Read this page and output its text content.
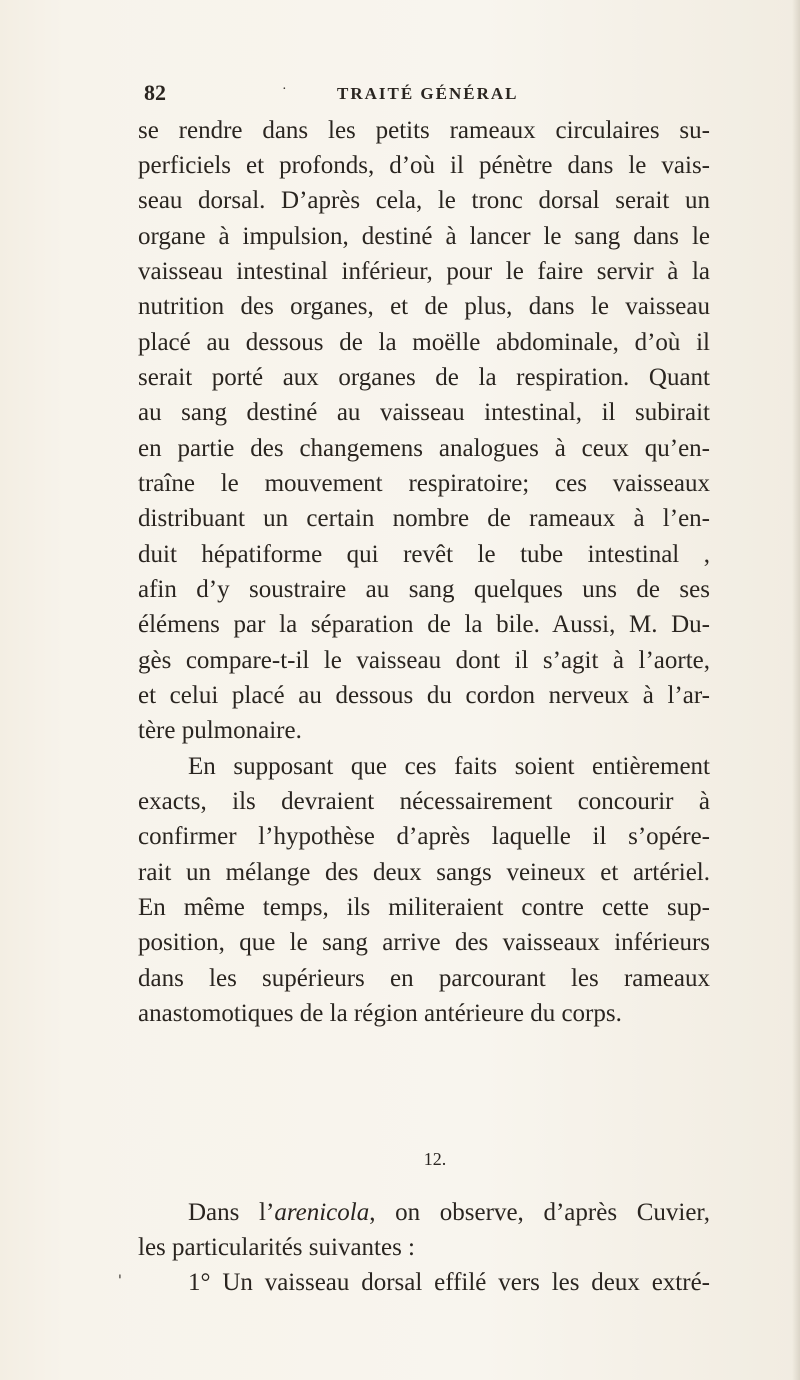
82	·	TRAITÉ GÉNÉRAL
se rendre dans les petits rameaux circulaires su-
perficiels et profonds, d’où il pénètre dans le vais-
seau dorsal. D’après cela, le tronc dorsal serait un
organe à impulsion, destiné à lancer le sang dans le
vaisseau intestinal inférieur, pour le faire servir à la
nutrition des organes, et de plus, dans le vaisseau
placé au dessous de la moëlle abdominale, d’où il
serait porté aux organes de la respiration. Quant
au sang destiné au vaisseau intestinal, il subirait
en partie des changemens analogues à ceux qu’en-
traîne le mouvement respiratoire; ces vaisseaux
distribuant un certain nombre de rameaux à l’en-
duit hépatiforme qui revêt le tube intestinal ,
afin d’y soustraire au sang quelques uns de ses
élémens par la séparation de la bile. Aussi, M. Du-
gès compare-t-il le vaisseau dont il s’agit à l’aorte,
et celui placé au dessous du cordon nerveux à l’ar-
tère pulmonaire.
En supposant que ces faits soient entièrement
exacts, ils devraient nécessairement concourir à
confirmer l’hypothèse d’après laquelle il s’opére-
rait un mélange des deux sangs veineux et artériel.
En même temps, ils militeraient contre cette sup-
position, que le sang arrive des vaisseaux inférieurs
dans les supérieurs en parcourant les rameaux
anastomotiques de la région antérieure du corps.
12.
Dans l’arenicola, on observe, d’après Cuvier,
'
les particularités suivantes :
1° Un vaisseau dorsal effilé vers les deux extré-
